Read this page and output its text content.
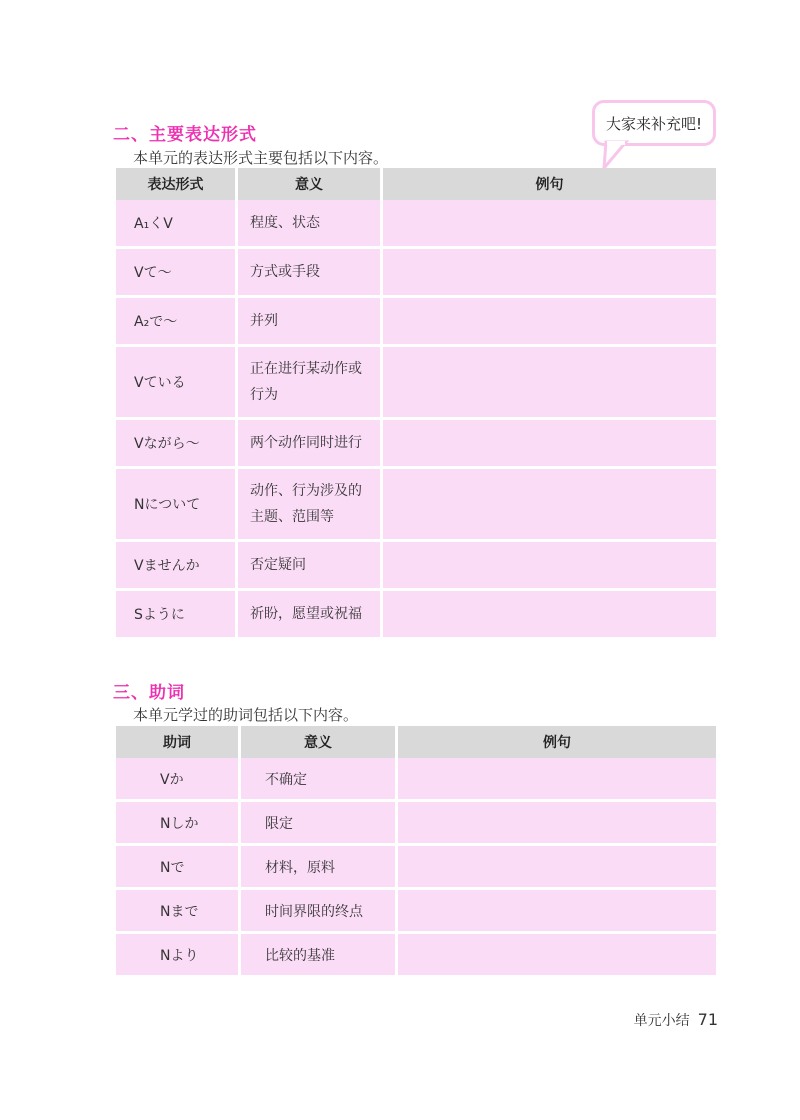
二、主要表达形式
本单元的表达形式主要包括以下内容。
大家来补充吧!
表达形式	意义	例句
A₁くV	程度、状态	
Vて～	方式或手段	
A₂で～	并列	
Vている	正在进行某动作或行为	
Vながら～	两个动作同时进行	
Nについて	动作、行为涉及的主题、范围等	
Vませんか	否定疑问	
Sように	祈盼，愿望或祝福	
三、助词
本单元学过的助词包括以下内容。
助词	意义	例句
Vか	不确定	
Nしか	限定	
Nで	材料，原料	
Nまで	时间界限的终点	
Nより	比较的基准	
单元小结 71
